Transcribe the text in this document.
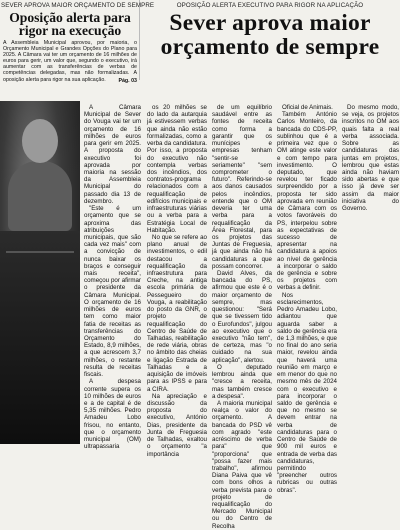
SEVER APROVA MAIOR ORÇAMENTO DE SEMPRE
Oposição alerta para rigor na execução
A Assembleia Municipal aprovou, por maioria, o Orçamento Municipal e Grandes Opções do Plano para 2025. A Câmara vai ter um orçamento de 16 milhões de euros para gerir, um valor que, segundo o executivo, irá aumentar com as transferências de verbas de competências delegadas, mas não formalizadas. A oposição alerta para rigor na sua aplicação.	Pág. 03
OPOSIÇÃO ALERTA EXECUTIVO PARA RIGOR NA APLICAÇÃO
Sever aprova maior orçamento de sempre

A Câmara Municipal de Sever do Vouga vai ter um orçamento de 16 milhões de euros para gerir em 2025. A proposta do executivo foi aprovada por maioria na sessão da Assembleia Municipal do passado dia 13 de dezembro.

"Este é um orçamento que se aproxima das atribuições municipais, que são cada vez mais" com a convicção de nunca baixar os braços e conseguir mais receita", começou por afirmar o presidente da Câmara Municipal. O orçamento de 16 milhões de euros tem como maior fatia de receitas as transferências do Orçamento do Estado, 8,9 milhões, a que acrescem 3,7 milhões, o restante resulta de receitas fiscais.

A despesa corrente supera os 10 milhões de euros e a de capital é de 5,35 milhões. Pedro Amadeu Lobo frisou, no entanto, que o orçamento municipal (OM) ultrapassaria

os 20 milhões se do lado da autarquia já estivessem verbas que ainda não estão formalizadas, como a verba da candidatura. Por isso, a proposta do executivo não contempla verbas dos incêndios, dos contratos-programa relacionados com a requalificação de edifícios municipais e infraestruturas viárias ou a verba para a Estratégia Local de Habitação.

No que se refere ao plano anual de investimentos, o edil destacou a requalificação da infraestrutura para Creche, na antiga escola primária de Pessegueiro do Vouga, a reabilitação do posto da GNR, o projeto de requalificação do Centro de Saúde de Talhadas, reabilitação de rede viária, obras no âmbito das cheias e ligação Estrada de Talhadas e a aquisição de imóveis para as IPSS e para a CIRA.

Na apreciação e discussão da proposta do executivo, António Dias, presidente da Junta de Freguesia de Talhadas, exaltou o orçamento "a importância

de um equilíbrio saudável entre as fontes de receita como forma a garantir que os munícipes e empresas tenham "sentir-se seriamente" "sem comprometer o futuro". Referindo-se aos danos causados pelos incêndios, entende que o OM deveria ter uma verba para a requalificação da Área Florestal, para os projetos das Juntas de Freguesia, já que ainda não há candidaturas a que possam concorrer.

David Alves, da bancada do PS, afirmou que este é o maior orçamento de sempre, mas questionou: "Será que se tivessem tido o Eurofundos", julgou ao executivo que o executivo "não tem", de certeza, mas "o cuidado na sua aplicação", alertou.

O deputado lembrou ainda que "cresce a receita, mas também cresce a despesa".

A maioria municipal realça o valor do orçamento. A bancada do PSD vê com agrado "este acréscimo de verba para" que "proporciona" que "possa fazer mais trabalho", afirmou Diana Paiva que vê com bons olhos a verba prevista para o projeto de requalificação do Mercado Municipal ou do Centro de Recolha

Oficial de Animais.

Também António Carlos Monteiro, da bancada do CDS-PP, sublinhou que é a primeira vez que o OM atinge este valor e com tempo para investimento. O deputado, que revelou ter ficado surpreendido por a proposta ter sido aprovada em reunião de Câmara com os votos favoráveis do PS, interpelou sobre as expectativas de sucesso de apresentar na candidatura a apoios ao nível de gerência a incorporar o saldo de gerência e sobre os projetos com verbas a definir.

Nos esclarecimentos, Pedro Amadeu Lobo, adiantou que aguarda saber a saldo de gerência era de 1,3 milhões, e que no final do ano seria maior, revelou ainda que haverá uma reunião em março e em menor do que no mesmo mês de 2024 com o executivo e para incorporar o saldo de gerência e que no mesmo se devem entrar na verba de candidaturas para o Centro de Saúde de 900 mil euros e entrada de verba das candidaturas, permitindo "preencher outros rubricas ou outras obras".

Do mesmo modo, se veja, os projetos inscritos no OM aos quais falta a real verba associada. Sobre as candidaturas das juntas em projetos, lembrou que estas ainda não haviam sido abertas e que isso já deve ser assim da maior iniciativa do Governo.
